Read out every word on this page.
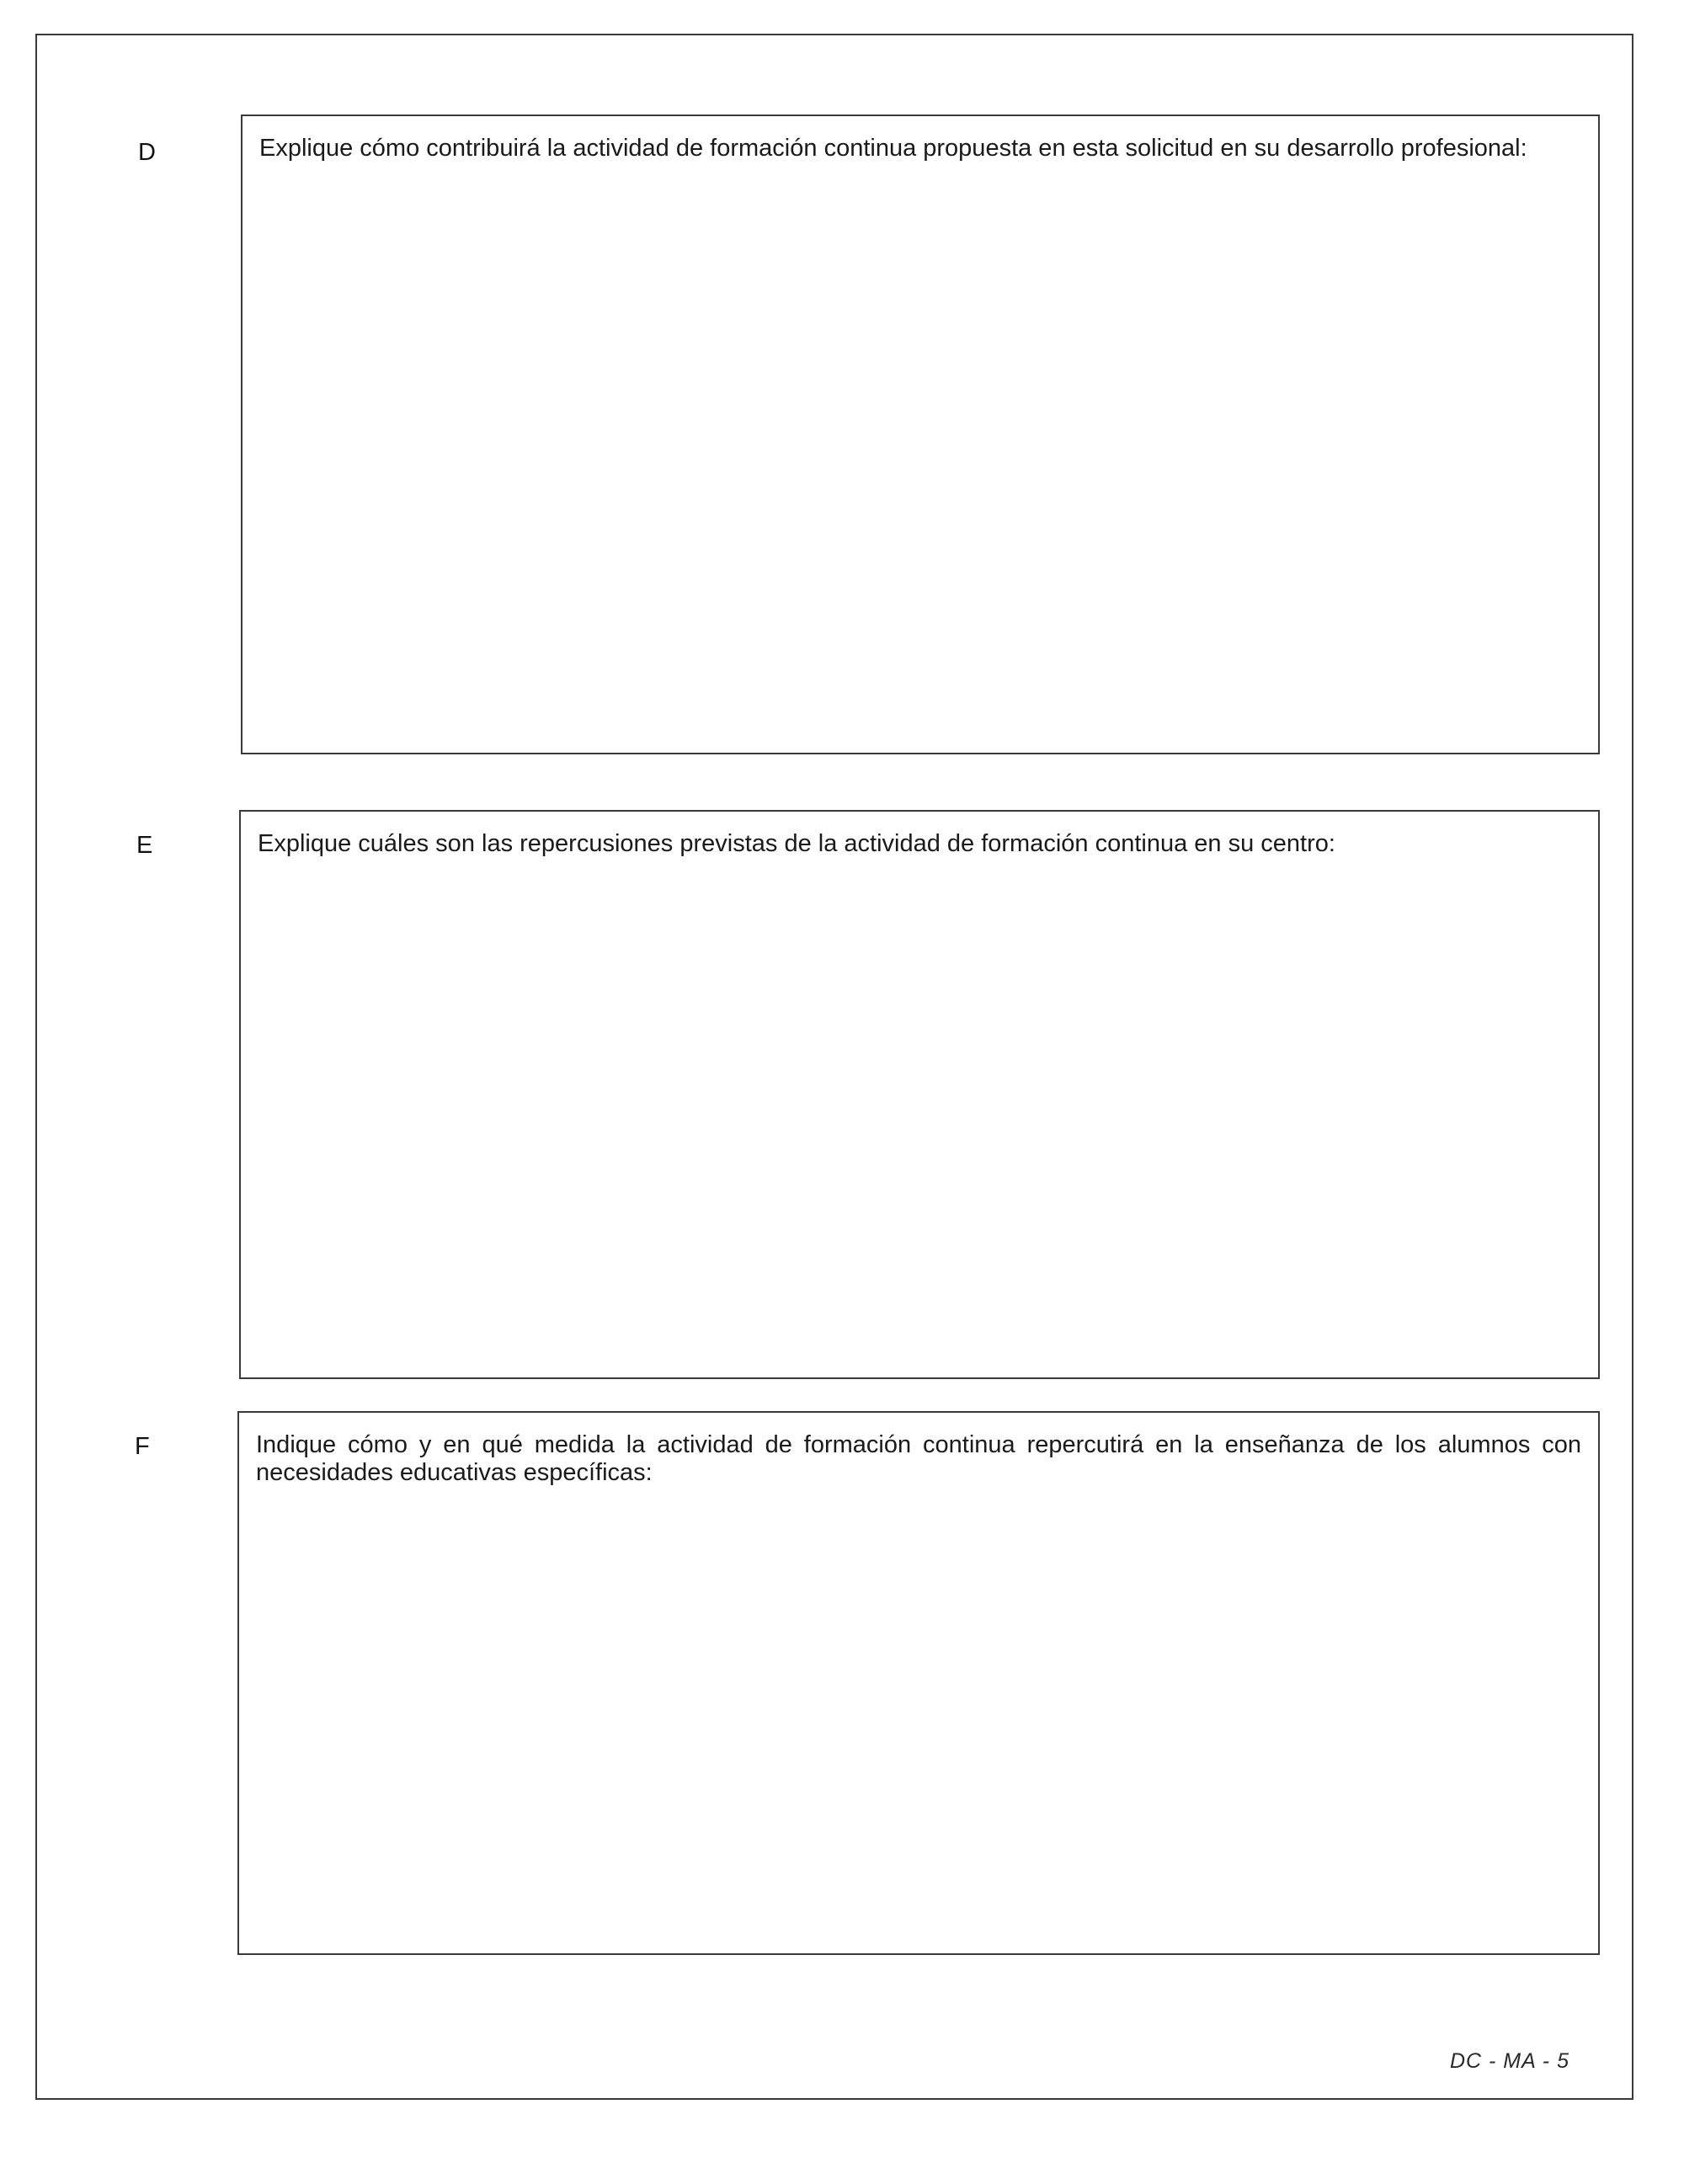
D	Explique cómo contribuirá la actividad de formación continua propuesta en esta solicitud en su desarrollo profesional:
E	Explique cuáles son las repercusiones previstas de la actividad de formación continua en su centro:
F	Indique cómo y en qué medida la actividad de formación continua repercutirá en la enseñanza de los alumnos con necesidades educativas específicas:
DC - MA - 5
